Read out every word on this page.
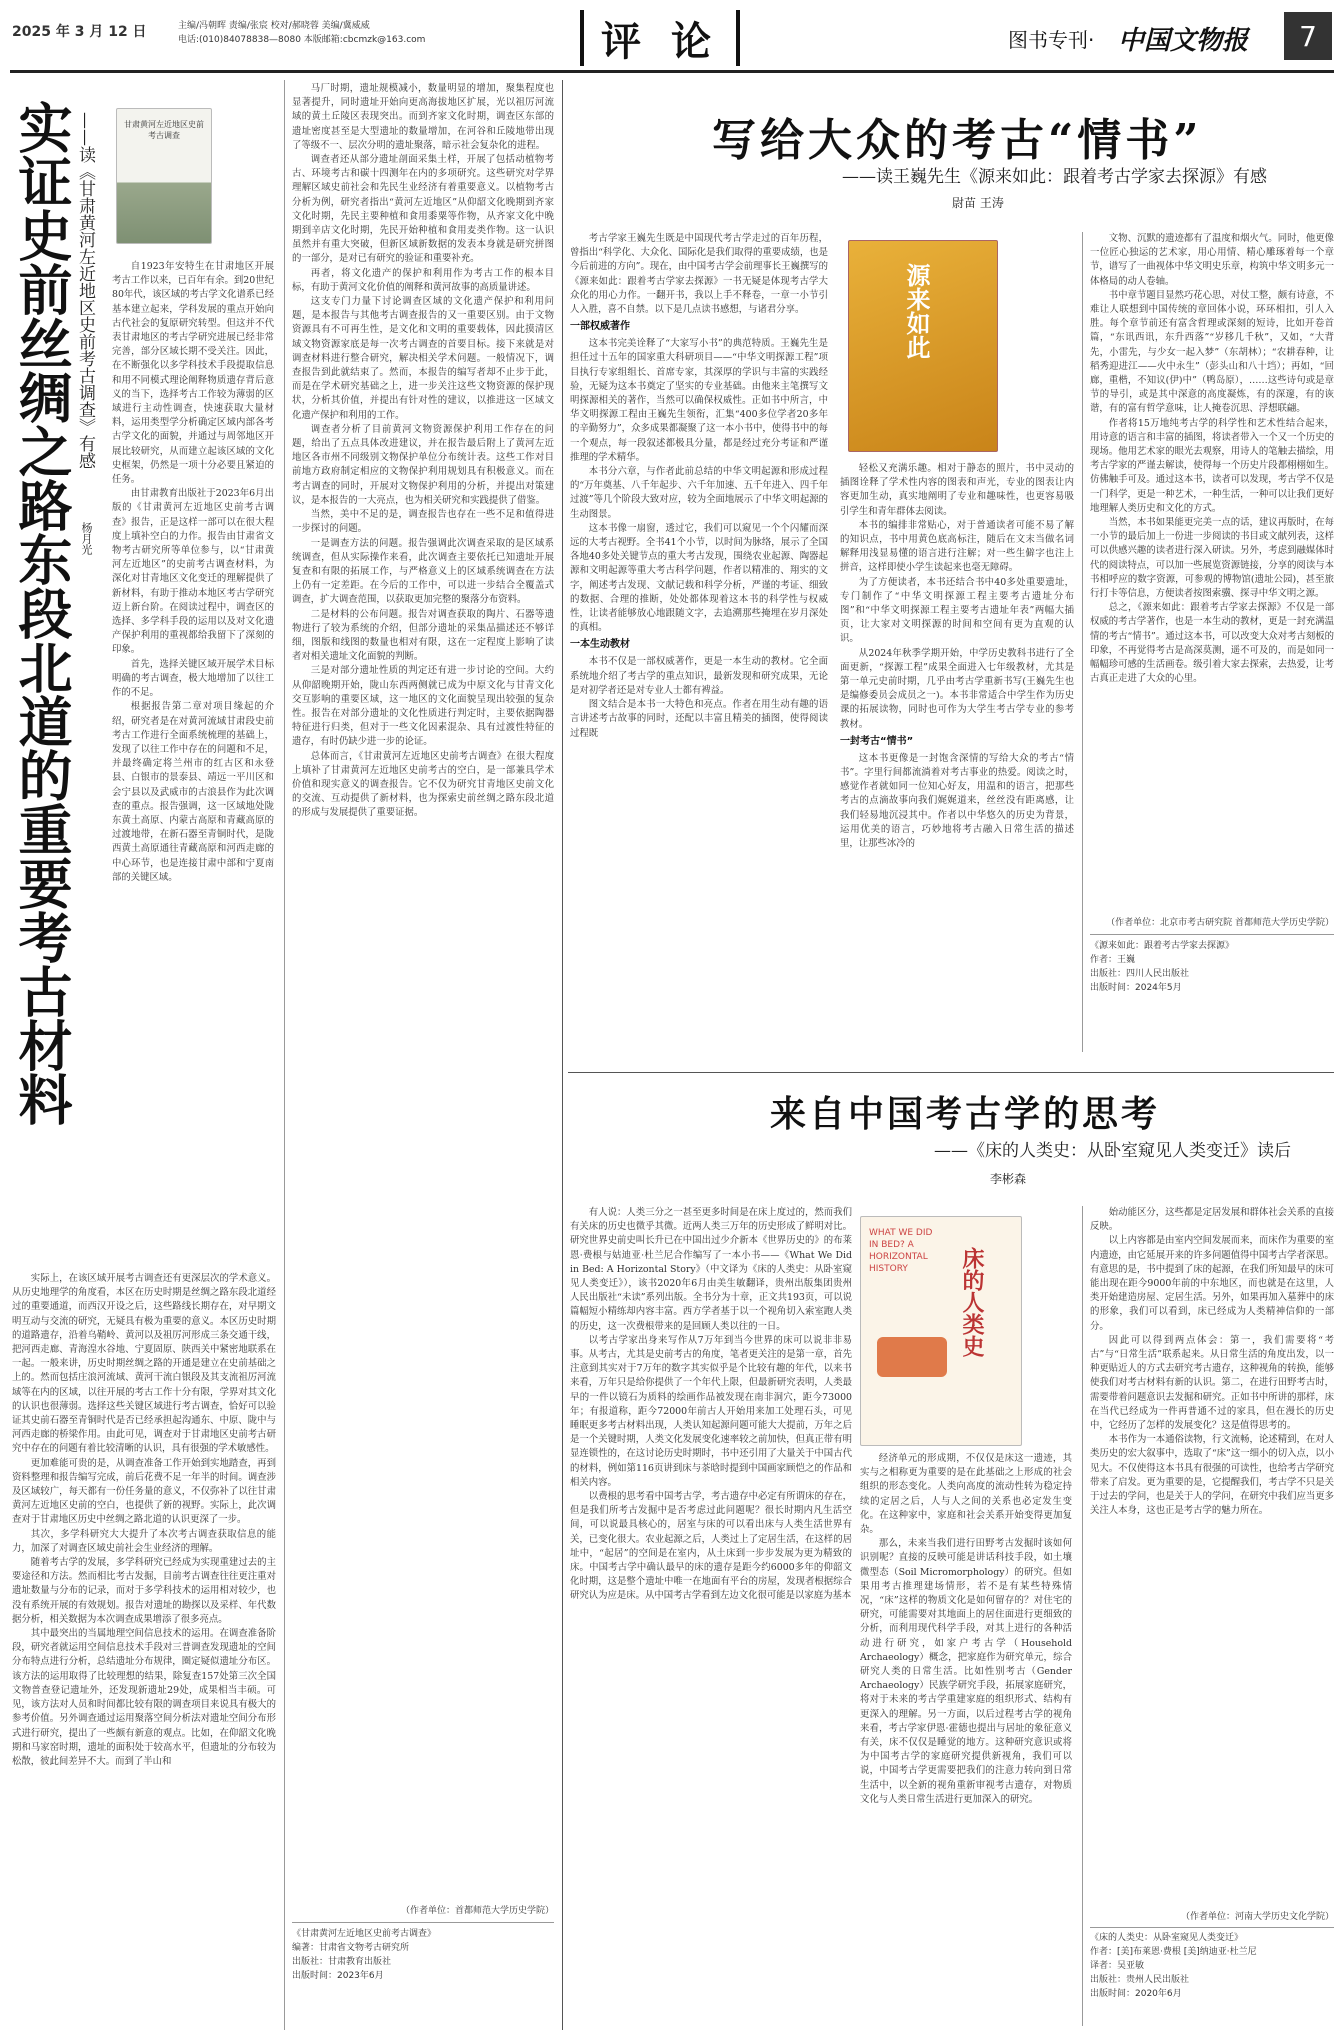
2025 年 3 月 12 日	主编/冯朝晖 责编/张宸 校对/郝晓蓉 美编/冀威威
电话:(010)84078838—8080 本版邮箱:cbcmzk@163.com	评 论	图书专刊· 中国文物报 7
实证史前丝绸之路东段北道的重要考古材料 ——读《甘肃黄河左近地区史前考古调查》有感
杨月光
甘肃黄河左近地区史前考古调查

自1923年安特生在甘肃地区开展考古工作以来，已百年有余。到20世纪80年代，该区域的考古学文化谱系已经基本建立起来，学科发展的重点开始向古代社会的复原研究转型。但这并不代表甘肃地区的考古学研究进展已经非常完善，部分区域长期不受关注。因此，在不断强化以多学科技术手段提取信息和用不同模式理论阐释物质遗存背后意义的当下，选择考古工作较为薄弱的区域进行主动性调查，快速获取大量材料，运用类型学分析确定区域内部各考古学文化的面貌，并通过与周邻地区开展比较研究，从而建立起该区域的文化史框架，仍然是一项十分必要且紧迫的任务。

由甘肃教育出版社于2023年6月出版的《甘肃黄河左近地区史前考古调查》报告，正是这样一部可以在很大程度上填补空白的力作。报告由甘肃省文物考古研究所等单位参与，以“甘肃黄河左近地区”的史前考古调查材料，为深化对甘青地区文化变迁的理解提供了新材料，有助于推动本地区考古学研究迈上新台阶。在阅读过程中，调查区的选择、多学科手段的运用以及对文化遗产保护利用的重视都给我留下了深刻的印象。

首先，选择关键区域开展学术目标明确的考古调查，极大地增加了以往工作的不足。

根据报告第二章对项目缘起的介绍，研究者是在对黄河流域甘肃段史前考古工作进行全面系统梳理的基础上，发现了以往工作中存在的问题和不足，并最终确定将兰州市的红古区和永登县、白银市的景泰县、靖远一平川区和会宁县以及武威市的古浪县作为此次调查的重点。报告强调，这一区域地处陇东黄土高原、内蒙古高原和青藏高原的过渡地带，在新石器至青铜时代，是陇西黄土高原通往青藏高原和河西走廊的中心环节，也是连接甘肃中部和宁夏南部的关键区域。

实际上，在该区域开展考古调查还有更深层次的学术意义。从历史地理学的角度看，本区在历史时期是丝绸之路东段北道经过的重要通道，而西汉开设之后，这些路线长期存在，对早期文明互动与交流的研究，无疑具有极为重要的意义。本区历史时期的道路遗存，沿着乌鞘岭、黄河以及祖厉河形成三条交通干线，把河西走廊、青海湟水谷地、宁夏固原、陕西关中紧密地联系在一起。一般来讲，历史时期丝绸之路的开通是建立在史前基础之上的。然而包括庄浪河流域、黄河干流白银段及其支流祖厉河流域等在内的区域，以往开展的考古工作十分有限，学界对其文化的认识也很薄弱。选择这些关键区域进行考古调查，恰好可以验证其史前石器至青铜时代是否已经承担起沟通东、中原、陇中与河西走廊的桥梁作用。由此可见，调查对于甘肃地区史前考古研究中存在的问题有着比较清晰的认识，具有很强的学术敏感性。

更加难能可贵的是，从调查准备工作开始到实地踏查，再到资料整理和报告编写完成，前后花费不足一年半的时间。调查涉及区域较广，每天都有一份任务量的意义，不仅弥补了以往甘肃黄河左近地区史前的空白，也提供了新的视野。实际上，此次调查对于甘肃地区历史中丝绸之路北道的认识更深了一步。

其次，多学科研究大大提升了本次考古调查获取信息的能力，加深了对调查区域史前社会生业经济的理解。

随着考古学的发展，多学科研究已经成为实现重建过去的主要途径和方法。然而相比考古发掘，目前考古调查往往更注重对遗址数量与分布的记录，而对于多学科技术的运用相对较少，也没有系统开展的有效规划。报告对遗址的勘探以及采样、年代数据分析，相关数据为本次调查成果增添了很多亮点。

其中最突出的当属地理空间信息技术的运用。在调查准备阶段，研究者就运用空间信息技术手段对三普调查发现遗址的空间分布特点进行分析，总结遗址分布规律，圈定疑似遗址分布区。该方法的运用取得了比较理想的结果，除复查157处第三次全国文物普查登记遗址外，还发现新遗址29处，成果相当丰硕。可见，该方法对人员和时间都比较有限的调查项目来说具有极大的参考价值。另外调查通过运用聚落空间分析法对遗址空间分布形式进行研究，提出了一些颇有新意的观点。比如，在仰韶文化晚期和马家窑时期，遗址的面积处于较高水平，但遗址的分布较为松散，彼此间差异不大。而到了半山和

马厂时期，遗址规模减小，数量明显的增加，聚集程度也显著提升，同时遗址开始向更高海拔地区扩展，光以祖厉河流域的黄土丘陵区表现突出。而到齐家文化时期，调查区东部的遗址密度甚至是大型遗址的数量增加，在河谷和丘陵地带出现了等级不一、层次分明的遗址聚落，暗示社会复杂化的进程。

调查者还从部分遗址剖面采集土样，开展了包括动植物考古、环境考古和碳十四测年在内的多项研究。这些研究对学界理解区域史前社会和先民生业经济有着重要意义。以植物考古分析为例，研究者指出“黄河左近地区”从仰韶文化晚期到齐家文化时期，先民主要种植和食用黍粟等作物，从齐家文化中晚期到辛店文化时期，先民开始种植和食用麦类作物。这一认识虽然并有重大突破，但新区域新数据的发表本身就是研究拼图的一部分，是对已有研究的验证和重要补充。

再者，将文化遗产的保护和利用作为考古工作的根本目标，有助于黄河文化价值的阐释和黄河故事的高质量讲述。

这支专门力量下讨论调查区域的文化遗产保护和利用问题，是本报告与其他考古调查报告的又一重要区别。由于文物资源具有不可再生性，是文化和文明的重要载体，因此摸清区域文物资源家底是每一次考古调查的首要目标。接下来就是对调查材料进行整合研究，解决相关学术问题。一般情况下，调查报告到此就结束了。然而，本报告的编写者却不止步于此，而是在学术研究基础之上，进一步关注这些文物资源的保护现状，分析其价值，并提出有针对性的建议，以推进这一区域文化遗产保护和利用的工作。

调查者分析了目前黄河文物资源保护利用工作存在的问题，给出了五点具体改进建议，并在报告最后附上了黄河左近地区各市州不同级别文物保护单位分布统计表。这些工作对目前地方政府制定相应的文物保护利用规划具有积极意义。而在考古调查的同时，开展对文物保护利用的分析，并提出对策建议，是本报告的一大亮点，也为相关研究和实践提供了借鉴。

当然，美中不足的是，调查报告也存在一些不足和值得进一步探讨的问题。

一是调查方法的问题。报告强调此次调查采取的是区域系统调查，但从实际操作来看，此次调查主要依托已知遗址开展复查和有限的拓展工作，与严格意义上的区域系统调查在方法上仍有一定差距。在今后的工作中，可以进一步结合全覆盖式调查，扩大调查范围，以获取更加完整的聚落分布资料。

二是材料的公布问题。报告对调查获取的陶片、石器等遗物进行了较为系统的介绍，但部分遗址的采集品描述还不够详细，图版和线图的数量也相对有限，这在一定程度上影响了读者对相关遗址文化面貌的判断。

三是对部分遗址性质的判定还有进一步讨论的空间。大约从仰韶晚期开始，陇山东西两侧就已成为中原文化与甘青文化交互影响的重要区域，这一地区的文化面貌呈现出较强的复杂性。报告在对部分遗址的文化性质进行判定时，主要依据陶器特征进行归类，但对于一些文化因素混杂、具有过渡性特征的遗存，有时仍缺少进一步的论证。

总体而言，《甘肃黄河左近地区史前考古调查》在很大程度上填补了甘肃黄河左近地区史前考古的空白，是一部兼具学术价值和现实意义的调查报告。它不仅为研究甘青地区史前文化的交流、互动提供了新材料，也为探索史前丝绸之路东段北道的形成与发展提供了重要证据。

（作者单位：首都师范大学历史学院）

《甘肃黄河左近地区史前考古调查》

编著：甘肃省文物考古研究所

出版社：甘肃教育出版社

出版时间：2023年6月

写给大众的考古“情书”
——读王巍先生《源来如此：跟着考古学家去探源》有感
尉苗 王涛

考古学家王巍先生既是中国现代考古学走过的百年历程，曾指出“科学化、大众化、国际化是我们取得的重要成绩，也是今后前进的方向”。现在，由中国考古学会前理事长王巍撰写的《源来如此：跟着考古学家去探源》一书无疑是体现考古学大众化的用心力作。一翻开书，我以上手不释卷，一章一小节引人入胜，喜不自禁。以下是几点读书感想，与诸君分享。

一部权威著作

这本书完美诠释了“大家写小书”的典范特质。王巍先生是担任过十五年的国家重大科研项目——“中华文明探源工程”项目执行专家组组长、首席专家，其深厚的学识与丰富的实践经验，无疑为这本书奠定了坚实的专业基础。由他来主笔撰写文明探源相关的著作，当然可以确保权威性。正如书中所言，中华文明探源工程由王巍先生领衔，汇集“400多位学者20多年的辛勤努力”，众多成果都凝聚了这一本小书中，使得书中的每一个观点，每一段叙述都极具分量，都是经过充分考证和严谨推理的学术精华。

本书分六章，与作者此前总结的中华文明起源和形成过程的“万年奠基、八千年起步、六千年加速、五千年进入、四千年过渡”等几个阶段大致对应，较为全面地展示了中华文明起源的生动图景。

这本书像一扇窗，透过它，我们可以窥见一个个闪耀而深远的大考古视野。全书41个小节，以时间为脉络，展示了全国各地40多处关键节点的重大考古发现，围绕农业起源、陶器起源和文明起源等重大考古科学问题，作者以精准的、翔实的文字，阐述考古发现、文献记载和科学分析，严谨的考证、细致的数据、合理的推断，处处都体现着这本书的科学性与权威性，让读者能够放心地跟随文字，去追溯那些掩埋在岁月深处的真相。

一本生动教材

本书不仅是一部权威著作，更是一本生动的教材。它全面系统地介绍了考古学的重点知识，最新发现和研究成果，无论是对初学者还是对专业人士都有裨益。

图文结合是本书一大特色和亮点。作者在用生动有趣的语言讲述考古故事的同时，还配以丰富且精美的插图，使得阅读过程既

源来如此

轻松又充满乐趣。相对于静态的照片，书中灵动的插图诠释了学术性内容的图表和声光，专业的图表让内容更加生动，真实地阐明了专业和趣味性，也更容易吸引学生和青年群体去阅读。

本书的编排非常贴心，对于普通读者可能不易了解的知识点，书中用黄色底高标注，随后在文末当做名词解释用浅显易懂的语言进行注解；对一些生僻字也注上拼音，这样即使小学生读起来也毫无障碍。

为了方便读者，本书还结合书中40多处重要遗址，专门制作了“中华文明探源工程主要考古遗址分布图”和“中华文明探源工程主要考古遗址年表”两幅大插页，让大家对文明探源的时间和空间有更为直观的认识。

从2024年秋季学期开始，中学历史教科书进行了全面更新，“探源工程”成果全面进入七年级教材，尤其是第一单元史前时期，几乎由考古学重新书写(王巍先生也是编修委员会成员之一)。本书非常适合中学生作为历史课的拓展读物，同时也可作为大学生考古学专业的参考教材。

一封考古“情书”

这本书更像是一封饱含深情的写给大众的考古“情书”。字里行间都流淌着对考古事业的热爱。阅读之时，感觉作者就如同一位知心好友，用温和的语言，把那些考古的点滴故事向我们娓娓道来，丝丝没有距离感，让我们轻易地沉浸其中。作者以中华悠久的历史为背景，运用优美的语言，巧妙地将考古融入日常生活的描述里，让那些冰冷的

文物、沉默的遗迹都有了温度和烟火气。同时，他更像一位匠心独运的艺术家，用心用情、精心雕琢着每一个章节，谱写了一曲视体中华文明史乐章，构筑中华文明多元一体格局的动人卷轴。

书中章节题目显然巧花心思，对仗工整，颇有诗意，不难让人联想到中国传统的章回体小说，环环相扣，引人入胜。每个章节前还有富含哲理或深刻的短诗，比如开卷首篇，“东讯西讯，东升西落”“岁移几千秋”，又如，“大背先，小雷先，与少女一起入梦”（东胡林）；“农耕春种，让稻秀迎进江——火中永生”（彭头山和八十垱）；再如，“回廊，重楷，不知议(伊)中”（鸭岛原），……这些诗句或是章节的导引，或是其中深意的高度凝炼，有的深邃，有的诙谐，有的富有哲学意味，让人掩卷沉思、浮想联翩。

作者将15万地纯考古学的科学性和艺术性结合起来，用诗意的语言和丰富的插图，将读者带入一个又一个历史的现场。他用艺术家的眼光去观察，用诗人的笔触去描绘，用考古学家的严谨去解读，使得每一个历史片段都栩栩如生。仿佛触手可及。通过这本书，读者可以发现，考古学不仅是一门科学，更是一种艺术，一种生活，一种可以让我们更好地理解人类历史和文化的方式。

当然，本书如果能更完美一点的话，建议再版时，在每一小节的最后加上一份进一步阅读的书目或文献列表，这样可以供感兴趣的读者进行深入研读。另外，考虑到融媒体时代的阅读特点，可以加一些展览资源链接，分享的阅读与本书相呼应的数字资源，可参观的博物馆(遗址公园)，甚至旅行打卡等信息，方便读者按图索骥、探寻中华文明之源。

总之，《源来如此：跟着考古学家去探源》不仅是一部权威的考古学著作，也是一本生动的教材，更是一封充满温情的考古“情书”。通过这本书，可以改变大众对考古刻板的印象，不再觉得考古是高深莫测，遥不可及的，而是如同一幅幅珍可感的生活画卷。级引着大家去探索，去热爱，让考古真正走进了大众的心里。

（作者单位：北京市考古研究院 首都师范大学历史学院）

《源来如此：跟着考古学家去探源》

作者：王巍

出版社：四川人民出版社

出版时间：2024年5月

来自中国考古学的思考
——《床的人类史：从卧室窥见人类变迁》读后
李彬森

有人说：人类三分之一甚至更多时间是在床上度过的，然而我们有关床的历史也微乎其微。近两人类三万年的历史形成了鲜明对比。研究世界史前史叫长升已在中国出过少介新本《世界历史的》的布莱恩·费根与姑迪亚·杜兰尼合作编写了一本小书——《What We Did in Bed: A Horizontal Story》（中文译为《床的人类史：从卧室窥见人类变迁》），该书2020年6月由美生敏翻译，贵州出版集团贵州人民出版社“未读”系列出版。全书分为十章，正文共193页，可以说篇幅短小精练却内容丰富。西方学者基于以一个视角切入索室跑人类的历史，这一次费根带来的是回顾人类以往的一日。

以考古学家出身来写作从7万年到当今世界的床可以说非非易事。从考古，尤其是史前考古的角度，笔者更关注的是第一章，首先注意到其实对于7万年的数字其实似乎是个比较有趣的年代，以来书来看，万年只是给你提供了一个年代上限，但最新研究表明，人类最早的一件以镜石为质料的绘画作品被发现在南非洞穴，距今73000年；有报道称，距今72000年前古人开始用来加工处理石头，可见睡眠更多考古材料出现，人类认知起源问题可能大大提前，万年之后是一个关键时期，人类文化发展变化速率较之前加快，但真正带有明显连锁性的，在这讨论历史时期时，书中还引用了大量关于中国古代的材料，例如第116页讲到床与茶晗时提到中国画家顾恺之的作品和相关内容。

以费根的思考看中国考古学，考古遗存中必定有所谓床的存在，但是我们所考古发掘中是否考虑过此问题呢？很长时期内凡生活空间，可以说最具核心的，居室与床的可以看出床与人类生活世界有关，已变化很大。农业起源之后，人类过上了定居生活，在这样的居址中，“起居”的空间是在室内，从土床到一步步发展为更为精致的床。中国考古学中确认最早的床的遗存是距今约6000多年的仰韶文化时期，这是整个遗址中唯一在地面有平台的房屋，发现者根据综合研究认为应是床。从中国考古学看到左边文化很可能是以家庭为基本

WHAT WE DID IN BED? A HORIZONTAL HISTORY	床的人类史

经济单元的形成期，不仅仅是床这一遗迹，其实与之相称更为重要的是在此基础之上形成的社会组织的形态变化。人类向高度的流动性转为稳定持续的定居之后，人与人之间的关系也必定发生变化。在这种家中，家庭和社会关系开始变得更加复杂。

那么，未来当我们进行田野考古发掘时该如何识别呢？直接的反映可能是讲话科技手段，如土壤微型态（Soil Micromorphology）的研究。但如果用考古推理建场情形，若不是有某些特殊情况，“床”这样的物质文化是如何留存的？对住宅的研究，可能需要对其地面上的居住面进行更细致的分析，而利用现代科学手段，对其上进行的各种活动进行研究，如家户考古学（Household Archaeology）概念，把家庭作为研究单元，综合研究人类的日常生活。比如性别考古（Gender Archaeology）民族学研究手段，拓展家庭研究，将对于未来的考古学重建家庭的组织形式、结构有更深入的理解。另一方面，以后过程考古学的视角来看，考古学家伊恩·霍德也提出与居址的象征意义有关，床不仅仅是睡觉的地方。这种研究意识或将为中国考古学的家庭研究提供新视角，我们可以说，中国考古学更需要把我们的注意力转向到日常生活中，以全新的视角重新审视考古遗存，对物质文化与人类日常生活进行更加深入的研究。

始动能区分，这些都是定居发展和群体社会关系的直接反映。

以上内容都是由室内空间发展而来，而床作为重要的室内遗迹，由它延展开来的许多问题值得中国考古学者深思。有意思的是，书中提到了床的起源，在我们所知最早的床可能出现在距今9000年前的中东地区，而也就是在这里，人类开始建造房屋、定居生活。另外，如果再加入墓葬中的床的形象，我们可以看到，床已经成为人类精神信仰的一部分。

因此可以得到两点体会：第一，我们需要将“考古”与“日常生活”联系起来。从日常生活的角度出发，以一种更贴近人的方式去研究考古遗存，这种视角的转换，能够使我们对考古材料有新的认识。第二，在进行田野考古时，需要带着问题意识去发掘和研究。正如书中所讲的那样，床在当代已经成为一件再普通不过的家具，但在漫长的历史中，它经历了怎样的发展变化？这是值得思考的。

本书作为一本通俗读物，行文流畅，论述精到，在对人类历史的宏大叙事中，选取了“床”这一细小的切入点，以小见大。不仅使得这本书具有很强的可读性，也给考古学研究带来了启发。更为重要的是，它提醒我们，考古学不只是关于过去的学问，也是关于人的学问，在研究中我们应当更多关注人本身，这也正是考古学的魅力所在。

（作者单位：河南大学历史文化学院）

《床的人类史：从卧室窥见人类变迁》

作者：[美]布莱恩·费根 [美]纳迪亚·杜兰尼

译者：吴亚敏

出版社：贵州人民出版社

出版时间：2020年6月
